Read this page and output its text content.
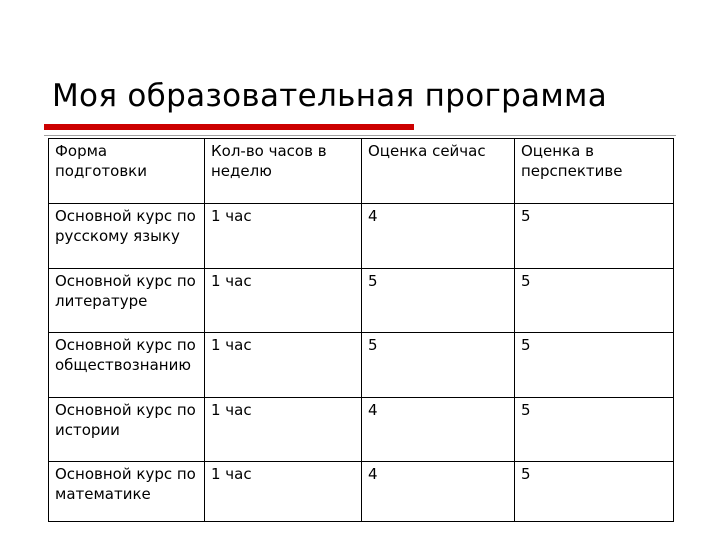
Моя образовательная программа
Форма подготовки	Кол-во часов в неделю	Оценка сейчас	Оценка в перспективе
Основной курс по русскому языку	1 час	4	5
Основной курс по литературе	1 час	5	5
Основной курс по обществознанию	1 час	5	5
Основной курс по истории	1 час	4	5
Основной курс по математике	1 час	4	5
